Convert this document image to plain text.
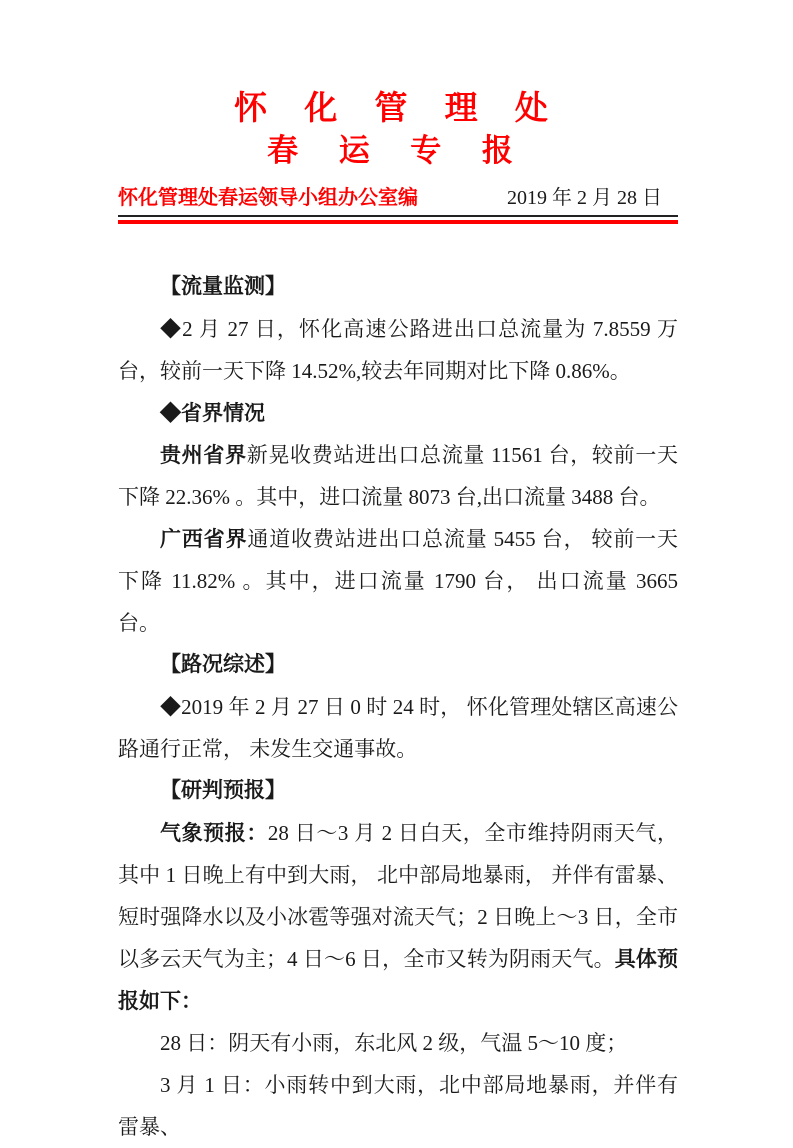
怀 化 管 理 处
春 运 专 报
怀化管理处春运领导小组办公室编	2019 年 2 月 28 日

【流量监测】

◆2 月 27 日，怀化高速公路进出口总流量为 7.8559 万台，较前一天下降 14.52%,较去年同期对比下降 0.86%。

◆省界情况

贵州省界新晃收费站进出口总流量 11561 台，较前一天下降 22.36% 。其中，进口流量 8073 台,出口流量 3488 台。

广西省界通道收费站进出口总流量 5455 台， 较前一天下降 11.82% 。其中，进口流量 1790 台， 出口流量 3665 台。

【路况综述】

◆2019 年 2 月 27 日 0 时 24 时， 怀化管理处辖区高速公路通行正常， 未发生交通事故。

【研判预报】

气象预报：28 日～3 月 2 日白天，全市维持阴雨天气，其中 1 日晚上有中到大雨， 北中部局地暴雨， 并伴有雷暴、短时强降水以及小冰雹等强对流天气；2 日晚上～3 日，全市以多云天气为主；4 日～6 日，全市又转为阴雨天气。具体预报如下：

28 日：阴天有小雨，东北风 2 级，气温 5～10 度；

3 月 1 日：小雨转中到大雨，北中部局地暴雨，并伴有雷暴、
